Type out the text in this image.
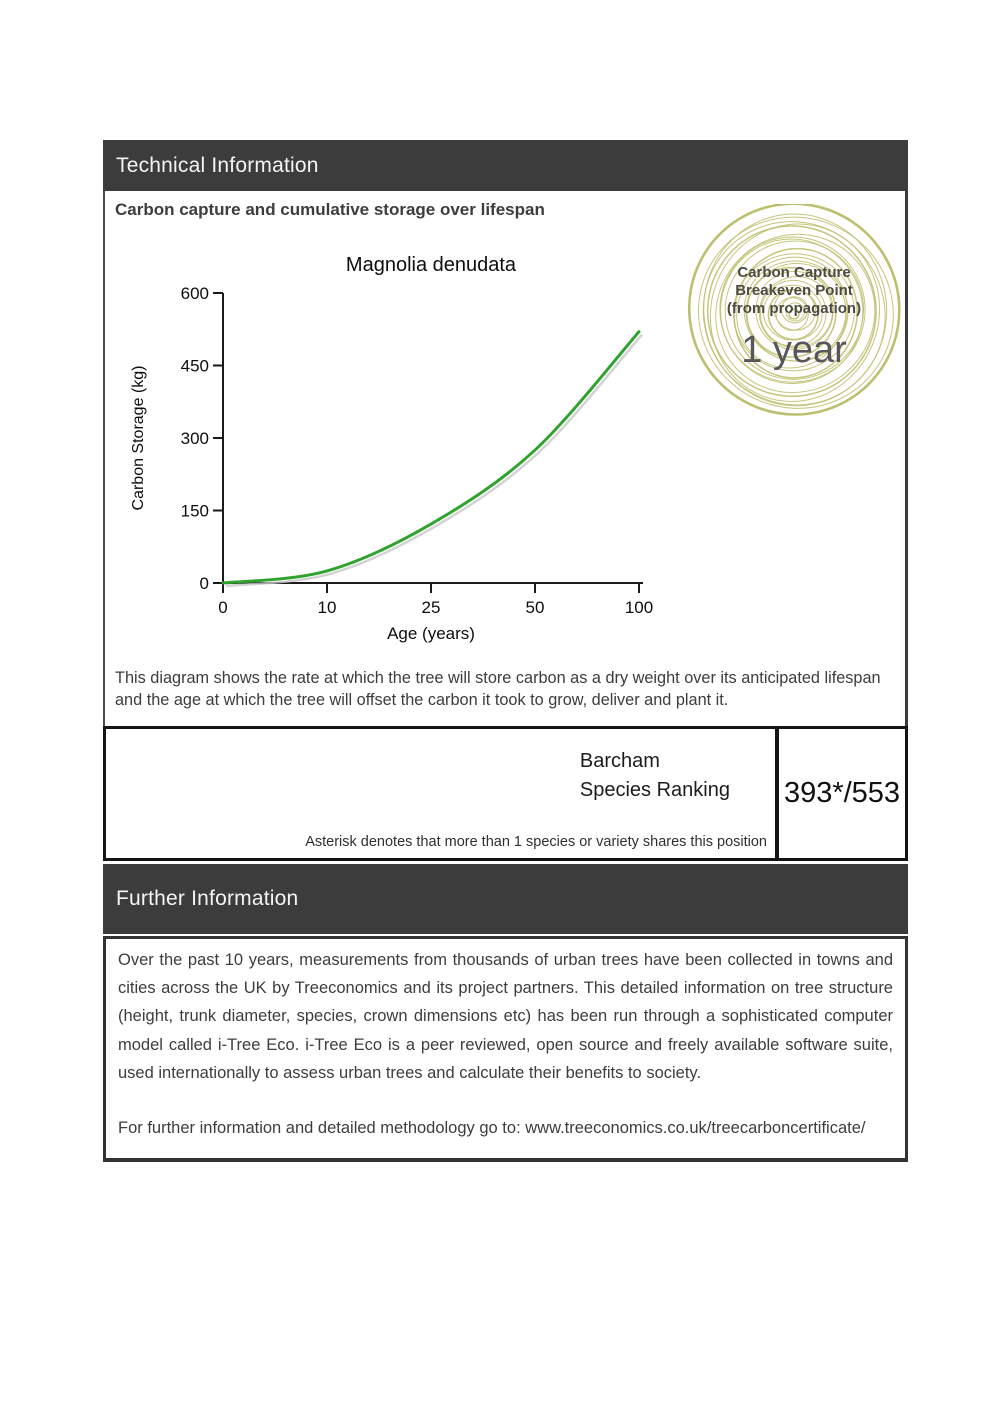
Technical Information
Carbon capture and cumulative storage over lifespan
Magnolia denudata
Carbon Storage (kg)
Age (years)
0
150
300
450
600
0	10	25	50	100
Carbon Capture
Breakeven Point
(from propagation)
1 year
This diagram shows the rate at which the tree will store carbon as a dry weight over its anticipated lifespan and the age at which the tree will offset the carbon it took to grow, deliver and plant it.
Barcham
Species Ranking
Asterisk denotes that more than 1 species or variety shares this position
393*/553
Further Information

Over the past 10 years, measurements from thousands of urban trees have been collected in towns and cities across the UK by Treeconomics and its project partners. This detailed information on tree structure (height, trunk diameter, species, crown dimensions etc) has been run through a sophisticated computer model called i-Tree Eco. i-Tree Eco is a peer reviewed, open source and freely available software suite, used internationally to assess urban trees and calculate their benefits to society.

For further information and detailed methodology go to: www.treeconomics.co.uk/treecarboncertificate/
